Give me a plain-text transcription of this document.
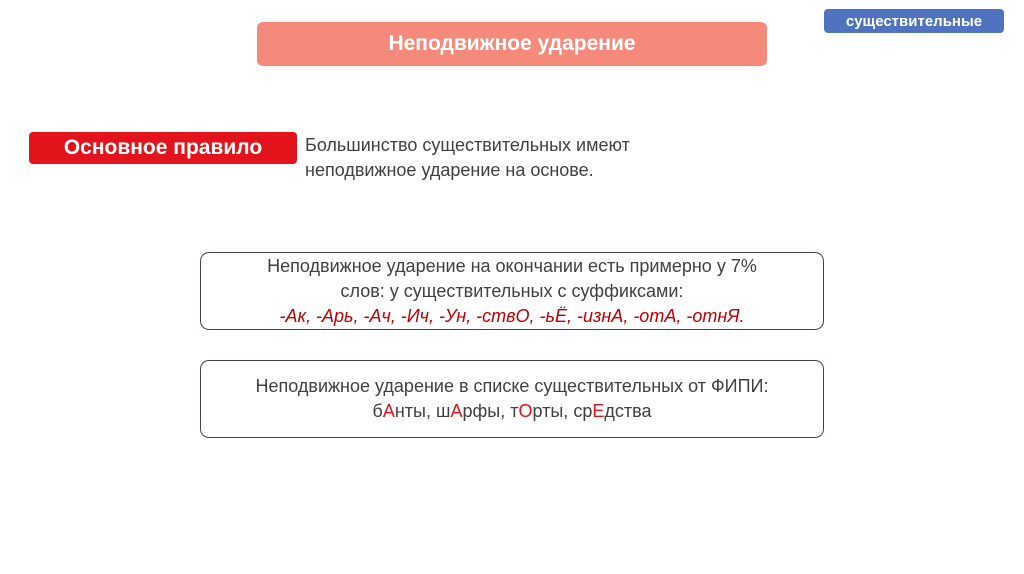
существительные
Неподвижное ударение
Основное правило	Большинство существительных имеют неподвижное ударение на основе.
Неподвижное ударение на окончании есть примерно у 7%
слов: у существительных с суффиксами:
-Ак, -Арь, -Ач, -Ич, -Ун, -ствО, -ьЁ, -изнА, -отА, -отнЯ.
Неподвижное ударение в списке существительных от ФИПИ:
бАнты, шАрфы, тОрты, срЕдства
